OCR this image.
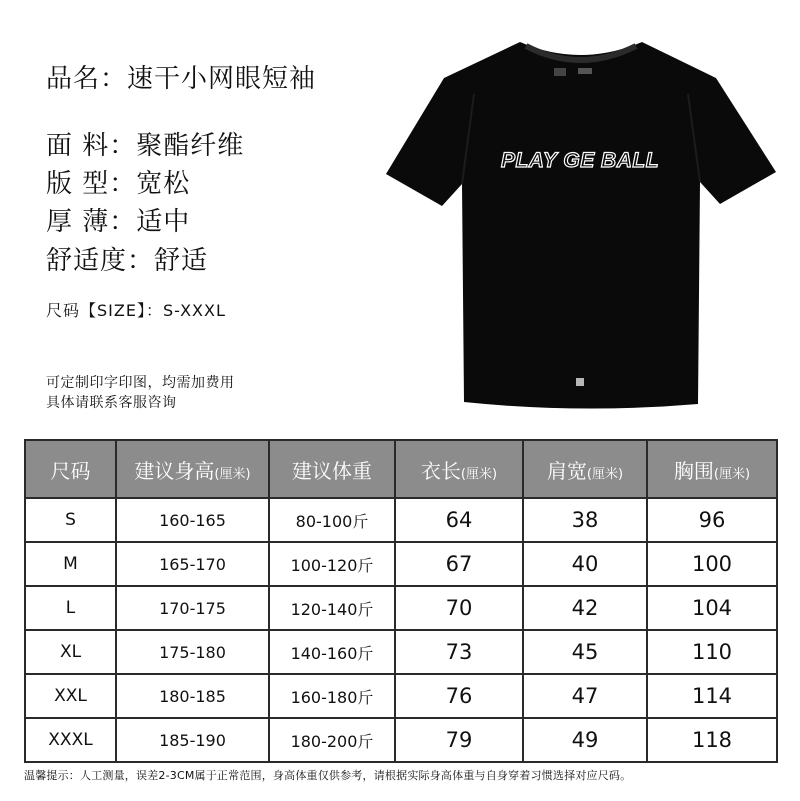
品名：速干小网眼短袖
面 料：聚酯纤维
版 型：宽松
厚 薄：适中
舒适度：舒适
尺码【SIZE】：S-XXXL
可定制印字印图，均需加费用
具体请联系客服咨询
PLAY GE BALL
尺码	建议身高(厘米)	建议体重	衣长(厘米)	肩宽(厘米)	胸围(厘米)
S	160-165	80-100斤	64	38	96
M	165-170	100-120斤	67	40	100
L	170-175	120-140斤	70	42	104
XL	175-180	140-160斤	73	45	110
XXL	180-185	160-180斤	76	47	114
XXXL	185-190	180-200斤	79	49	118
温馨提示：人工测量，误差2-3CM属于正常范围，身高体重仅供参考，请根据实际身高体重与自身穿着习惯选择对应尺码。
